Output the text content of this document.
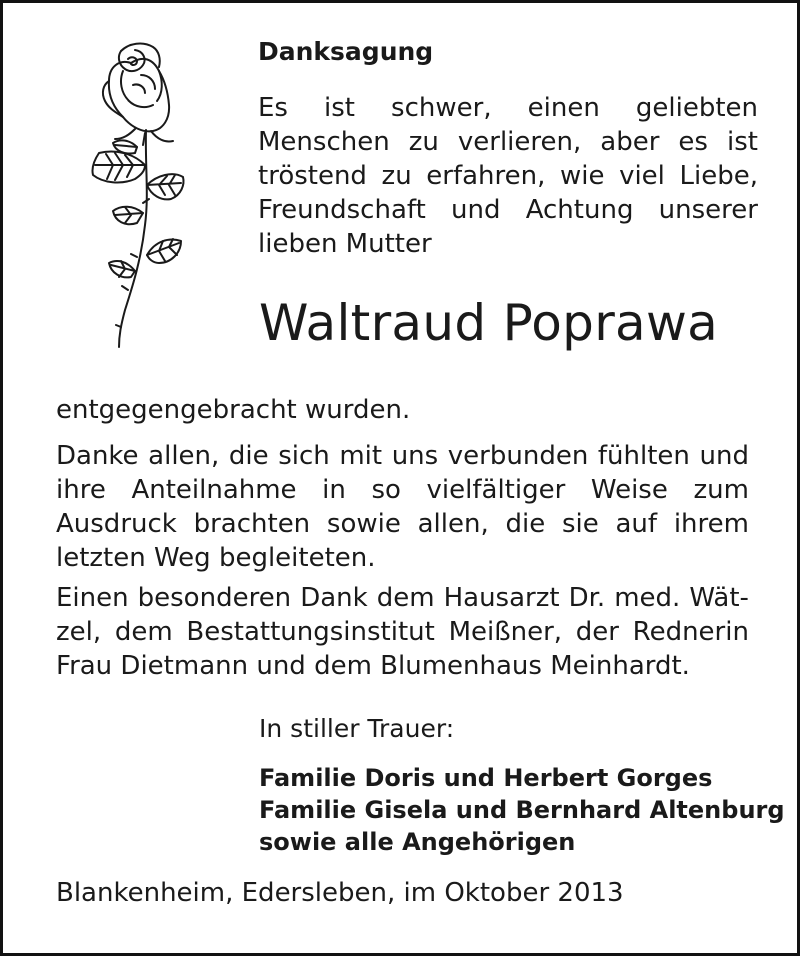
Danksagung
Es ist schwer, einen geliebten
Menschen zu verlieren, aber es ist
tröstend zu erfahren, wie viel Liebe,
Freundschaft und Achtung unserer
lieben Mutter
Waltraud Poprawa
entgegengebracht wurden.
Danke allen, die sich mit uns verbunden fühlten und
ihre Anteilnahme in so vielfältiger Weise zum
Ausdruck brachten sowie allen, die sie auf ihrem
letzten Weg begleiteten.
Einen besonderen Dank dem Hausarzt Dr. med. Wät-
zel, dem Bestattungsinstitut Meißner, der Rednerin
Frau Dietmann und dem Blumenhaus Meinhardt.

In stiller Trauer:

Familie Doris und Herbert Gorges
Familie Gisela und Bernhard Altenburg
sowie alle Angehörigen

Blankenheim, Edersleben, im Oktober 2013
